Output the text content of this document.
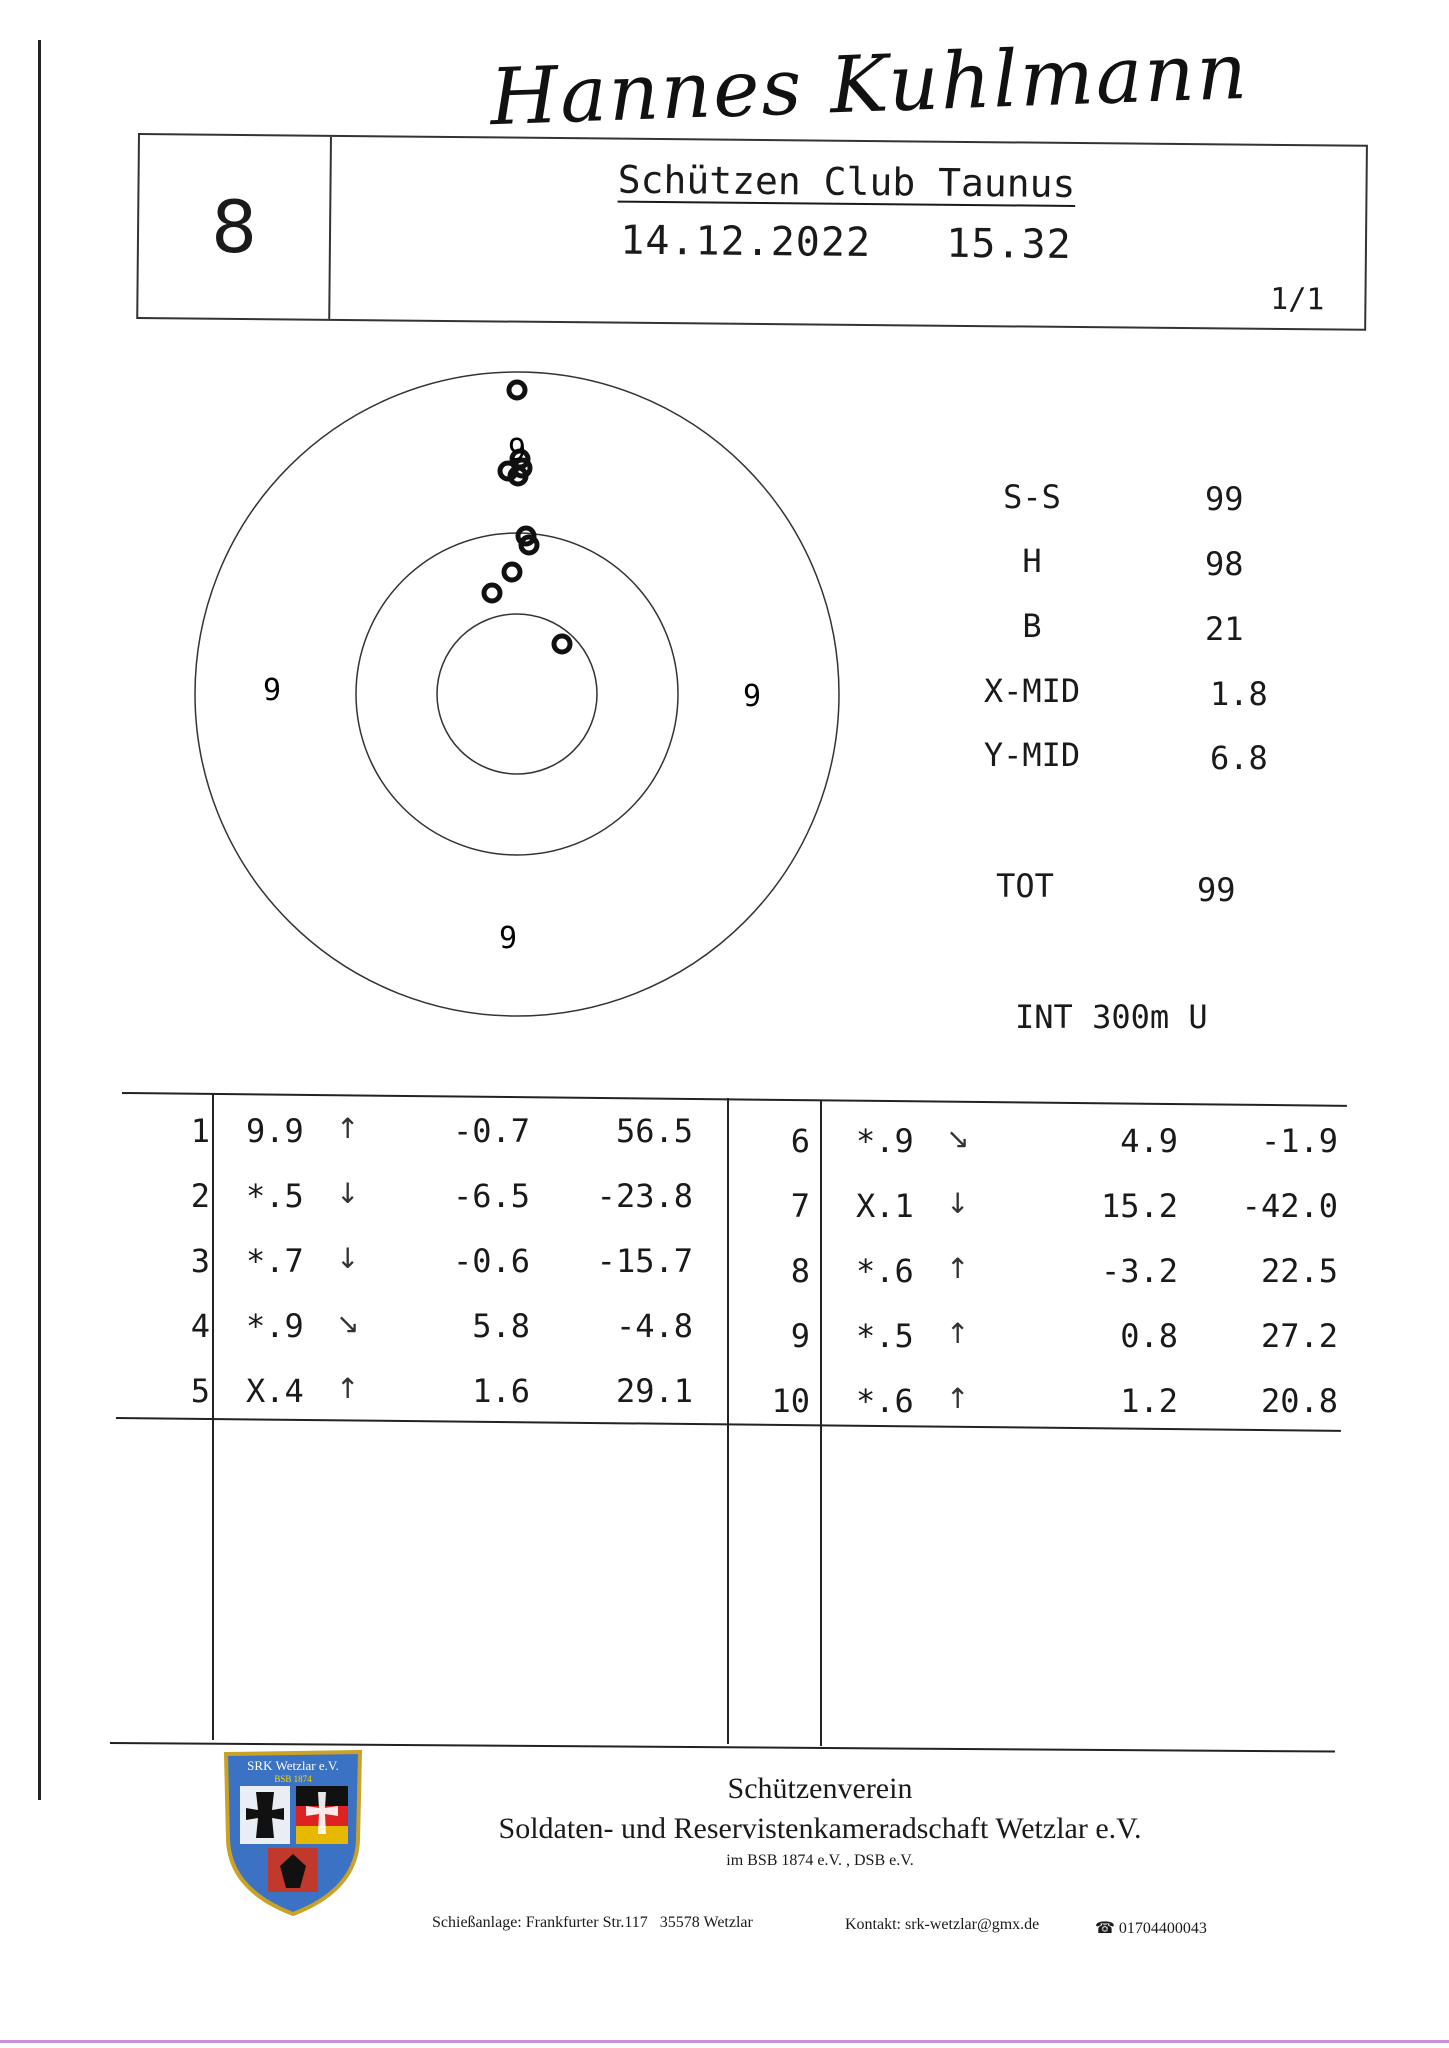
Hannes Kuhlmann
8
Schützen Club Taunus
14.12.2022 15.32
1/1
9
9	9
9
S-S	99
H	98
B	21
X-MID	1.8
Y-MID	6.8
TOT	99
INT 300m U
1 9.9 ↑	-0.7	56.5
2 *.5 ↓	-6.5	-23.8
3 *.7 ↓	-0.6	-15.7
4 *.9 ↘	5.8	-4.8
5 X.4 ↑	1.6	29.1
6 *.9 ↘	4.9	-1.9
7 X.1 ↓	15.2	-42.0
8 *.6 ↑	-3.2	22.5
9 *.5 ↑	0.8	27.2
10 *.6 ↑	1.2	20.8
SRK Wetzlar e.V.
BSB 1874	Schützenverein
Soldaten- und Reservistenkameradschaft Wetzlar e.V.
im BSB 1874 e.V. , DSB e.V.
Schießanlage: Frankfurter Str.117   35578 Wetzlar	Kontakt: srk-wetzlar@gmx.de	☎ 01704400043
